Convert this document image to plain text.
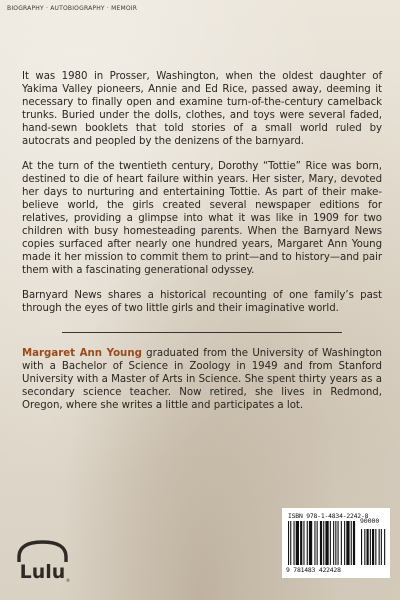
BIOGRAPHY · AUTOBIOGRAPHY · MEMOIR

It was 1980 in Prosser, Washington, when the oldest daughter of Yakima Valley pioneers, Annie and Ed Rice, passed away, deeming it necessary to finally open and examine turn-of-the-century camelback trunks. Buried under the dolls, clothes, and toys were several faded, hand-sewn booklets that told stories of a small world ruled by autocrats and peopled by the denizens of the barnyard.

At the turn of the twentieth century, Dorothy “Tottie” Rice was born, destined to die of heart failure within years. Her sister, Mary, devoted her days to nurturing and entertaining Tottie. As part of their make-believe world, the girls created several newspaper editions for relatives, providing a glimpse into what it was like in 1909 for two children with busy homesteading parents. When the Barnyard News copies surfaced after nearly one hundred years, Margaret Ann Young made it her mission to commit them to print—and to history—and pair them with a fascinating generational odyssey.

Barnyard News shares a historical recounting of one family’s past through the eyes of two little girls and their imaginative world.

Margaret Ann Young graduated from the University of Washington with a Bachelor of Science in Zoology in 1949 and from Stanford University with a Master of Arts in Science. She spent thirty years as a secondary science teacher. Now retired, she lives in Redmond, Oregon, where she writes a little and participates a lot.

Lulu ®
ISBN 978-1-4834-2242-8
9 781483 422428
90000
